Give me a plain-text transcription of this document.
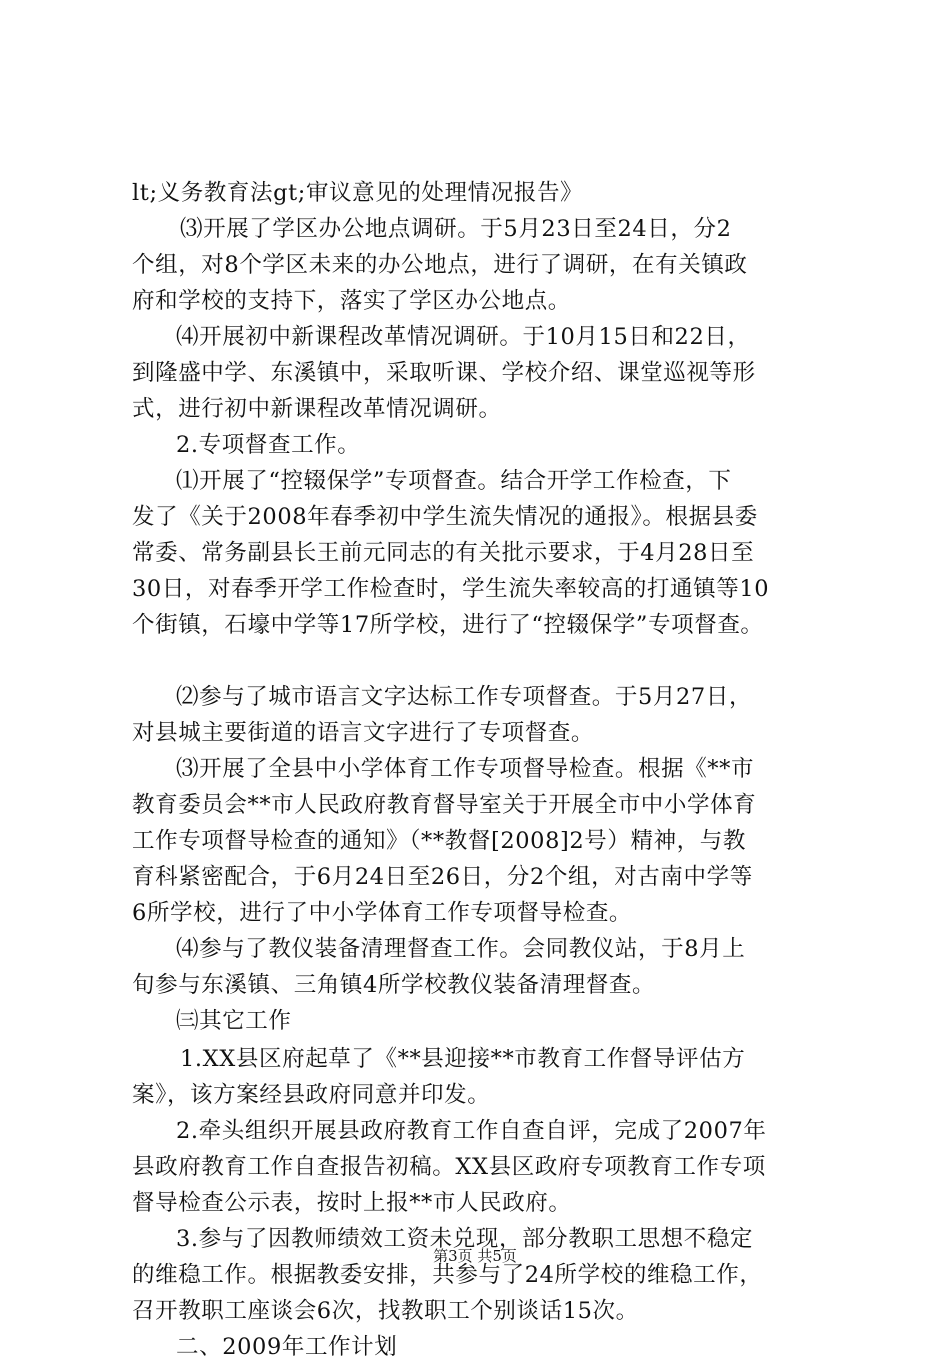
lt;义务教育法gt;审议意见的处理情况报告》
⑶开展了学区办公地点调研。于5月23日至24日，分2
个组，对8个学区未来的办公地点，进行了调研，在有关镇政
府和学校的支持下，落实了学区办公地点。
⑷开展初中新课程改革情况调研。于10月15日和22日，
到隆盛中学、东溪镇中，采取听课、学校介绍、课堂巡视等形
式，进行初中新课程改革情况调研。
2.专项督查工作。
⑴开展了“控辍保学”专项督查。结合开学工作检查，下
发了《关于2008年春季初中学生流失情况的通报》。根据县委
常委、常务副县长王前元同志的有关批示要求，于4月28日至
30日，对春季开学工作检查时，学生流失率较高的打通镇等10
个街镇，石壕中学等17所学校，进行了“控辍保学”专项督查。
⑵参与了城市语言文字达标工作专项督查。于5月27日，
对县城主要街道的语言文字进行了专项督查。
⑶开展了全县中小学体育工作专项督导检查。根据《**市
教育委员会**市人民政府教育督导室关于开展全市中小学体育
工作专项督导检查的通知》（**教督[2008]2号）精神，与教
育科紧密配合，于6月24日至26日，分2个组，对古南中学等
6所学校，进行了中小学体育工作专项督导检查。
⑷参与了教仪装备清理督查工作。会同教仪站，于8月上
旬参与东溪镇、三角镇4所学校教仪装备清理督查。
㈢其它工作
1.XX县区府起草了《**县迎接**市教育工作督导评估方
案》，该方案经县政府同意并印发。
2.牵头组织开展县政府教育工作自查自评，完成了2007年
县政府教育工作自查报告初稿。XX县区政府专项教育工作专项
督导检查公示表，按时上报**市人民政府。
3.参与了因教师绩效工资未兑现，部分教职工思想不稳定
的维稳工作。根据教委安排，共参与了24所学校的维稳工作，
召开教职工座谈会6次，找教职工个别谈话15次。
二、2009年工作计划
第3页 共5页
